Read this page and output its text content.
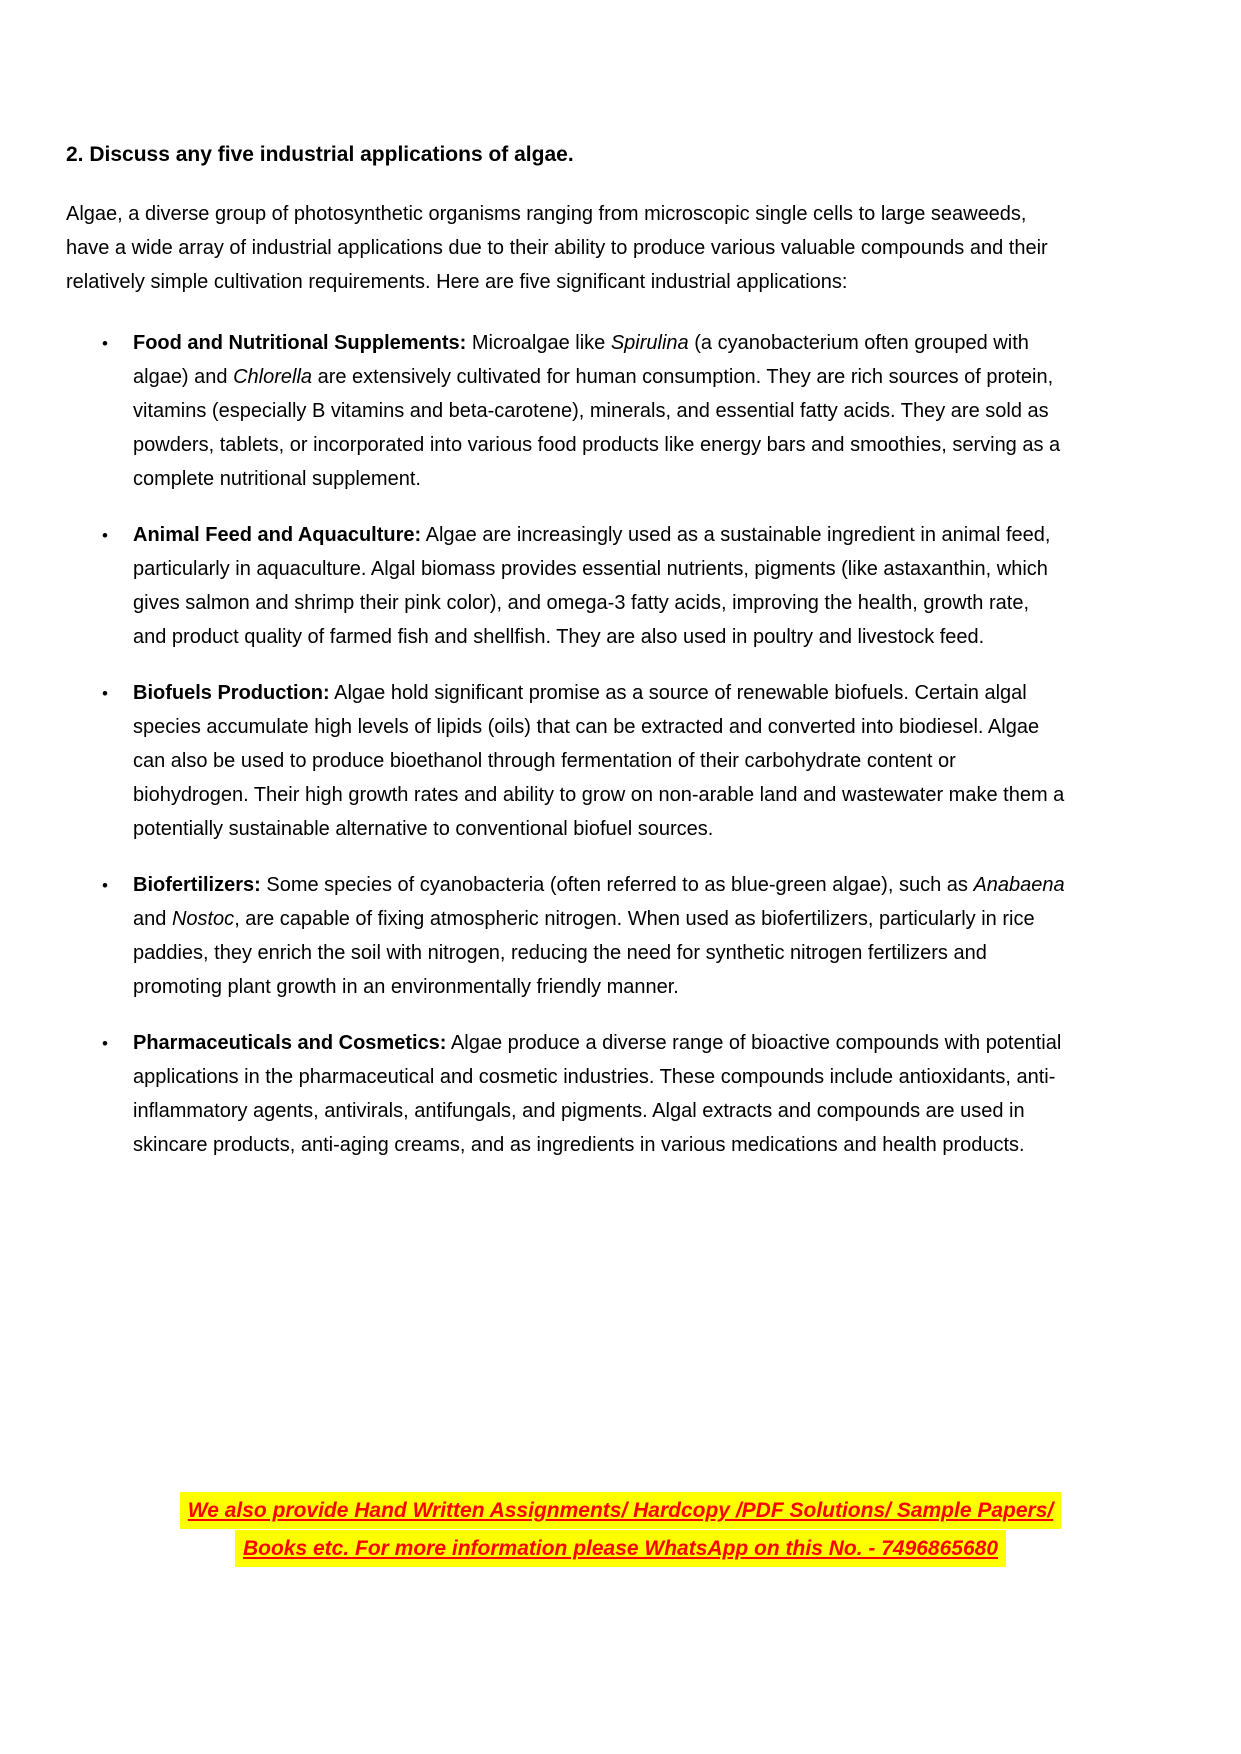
2. Discuss any five industrial applications of algae.

Algae, a diverse group of photosynthetic organisms ranging from microscopic single cells to large seaweeds, have a wide array of industrial applications due to their ability to produce various valuable compounds and their relatively simple cultivation requirements. Here are five significant industrial applications:

• Food and Nutritional Supplements: Microalgae like Spirulina (a cyanobacterium often grouped with algae) and Chlorella are extensively cultivated for human consumption. They are rich sources of protein, vitamins (especially B vitamins and beta-carotene), minerals, and essential fatty acids. They are sold as powders, tablets, or incorporated into various food products like energy bars and smoothies, serving as a complete nutritional supplement.
• Animal Feed and Aquaculture: Algae are increasingly used as a sustainable ingredient in animal feed, particularly in aquaculture. Algal biomass provides essential nutrients, pigments (like astaxanthin, which gives salmon and shrimp their pink color), and omega-3 fatty acids, improving the health, growth rate, and product quality of farmed fish and shellfish. They are also used in poultry and livestock feed.
• Biofuels Production: Algae hold significant promise as a source of renewable biofuels. Certain algal species accumulate high levels of lipids (oils) that can be extracted and converted into biodiesel. Algae can also be used to produce bioethanol through fermentation of their carbohydrate content or biohydrogen. Their high growth rates and ability to grow on non-arable land and wastewater make them a potentially sustainable alternative to conventional biofuel sources.
• Biofertilizers: Some species of cyanobacteria (often referred to as blue-green algae), such as Anabaena and Nostoc, are capable of fixing atmospheric nitrogen. When used as biofertilizers, particularly in rice paddies, they enrich the soil with nitrogen, reducing the need for synthetic nitrogen fertilizers and promoting plant growth in an environmentally friendly manner.
• Pharmaceuticals and Cosmetics: Algae produce a diverse range of bioactive compounds with potential applications in the pharmaceutical and cosmetic industries. These compounds include antioxidants, anti-inflammatory agents, antivirals, antifungals, and pigments. Algal extracts and compounds are used in skincare products, anti-aging creams, and as ingredients in various medications and health products.
We also provide Hand Written Assignments/ Hardcopy /PDF Solutions/ Sample Papers/
Books etc. For more information please WhatsApp on this No. - 7496865680
